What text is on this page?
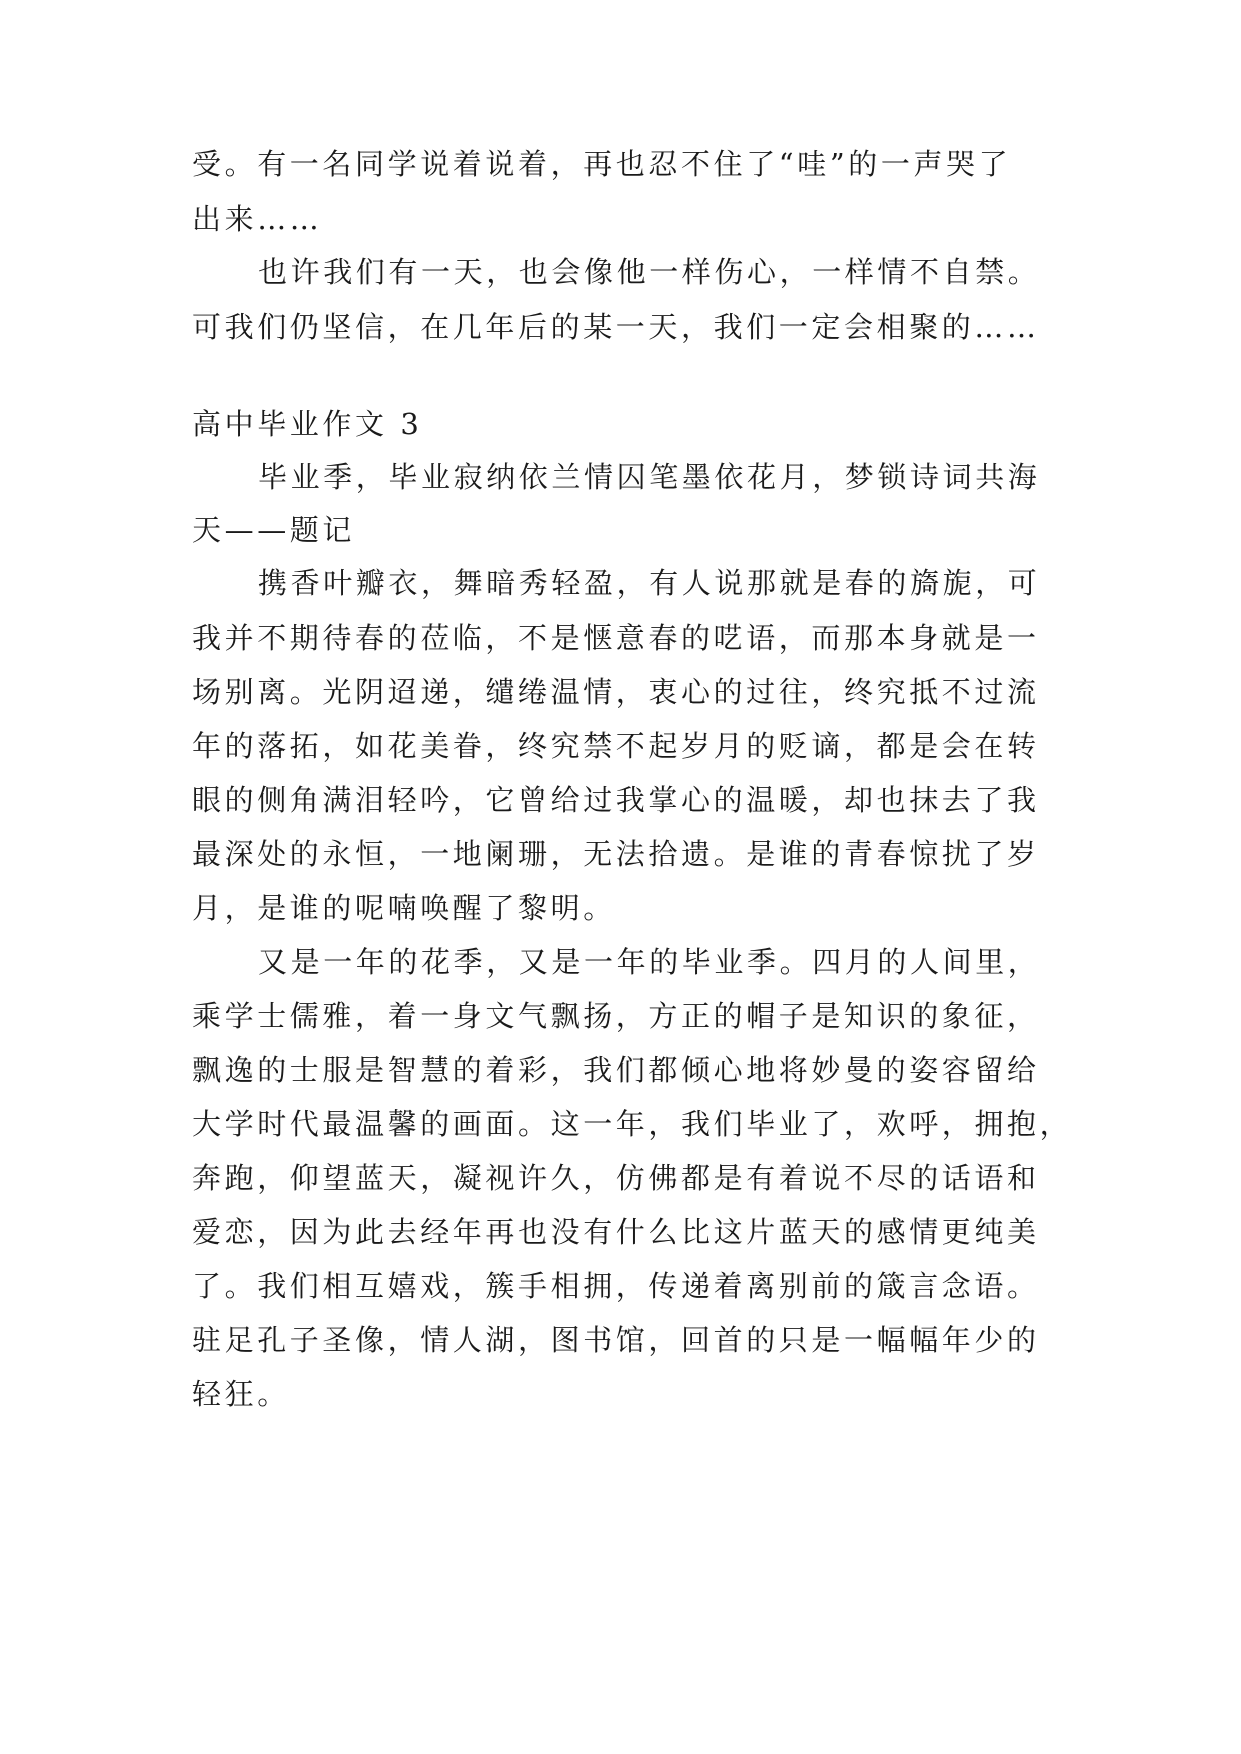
受。有一名同学说着说着，再也忍不住了“哇”的一声哭了
出来……
也许我们有一天，也会像他一样伤心，一样情不自禁。
可我们仍坚信，在几年后的某一天，我们一定会相聚的……
高中毕业作文 3
毕业季，毕业寂纳依兰情囚笔墨依花月，梦锁诗词共海
天——题记
携香叶瓣衣，舞暗秀轻盈，有人说那就是春的旖旎，可
我并不期待春的莅临，不是惬意春的呓语，而那本身就是一
场别离。光阴迢递，缱绻温情，衷心的过往，终究抵不过流
年的落拓，如花美眷，终究禁不起岁月的贬谪，都是会在转
眼的侧角满泪轻吟，它曾给过我掌心的温暖，却也抹去了我
最深处的永恒，一地阑珊，无法拾遗。是谁的青春惊扰了岁
月，是谁的呢喃唤醒了黎明。
又是一年的花季，又是一年的毕业季。四月的人间里，
乘学士儒雅，着一身文气飘扬，方正的帽子是知识的象征，
飘逸的士服是智慧的着彩，我们都倾心地将妙曼的姿容留给
大学时代最温馨的画面。这一年，我们毕业了，欢呼，拥抱，
奔跑，仰望蓝天，凝视许久，仿佛都是有着说不尽的话语和
爱恋，因为此去经年再也没有什么比这片蓝天的感情更纯美
了。我们相互嬉戏，簇手相拥，传递着离别前的箴言念语。
驻足孔子圣像，情人湖，图书馆，回首的只是一幅幅年少的
轻狂。
